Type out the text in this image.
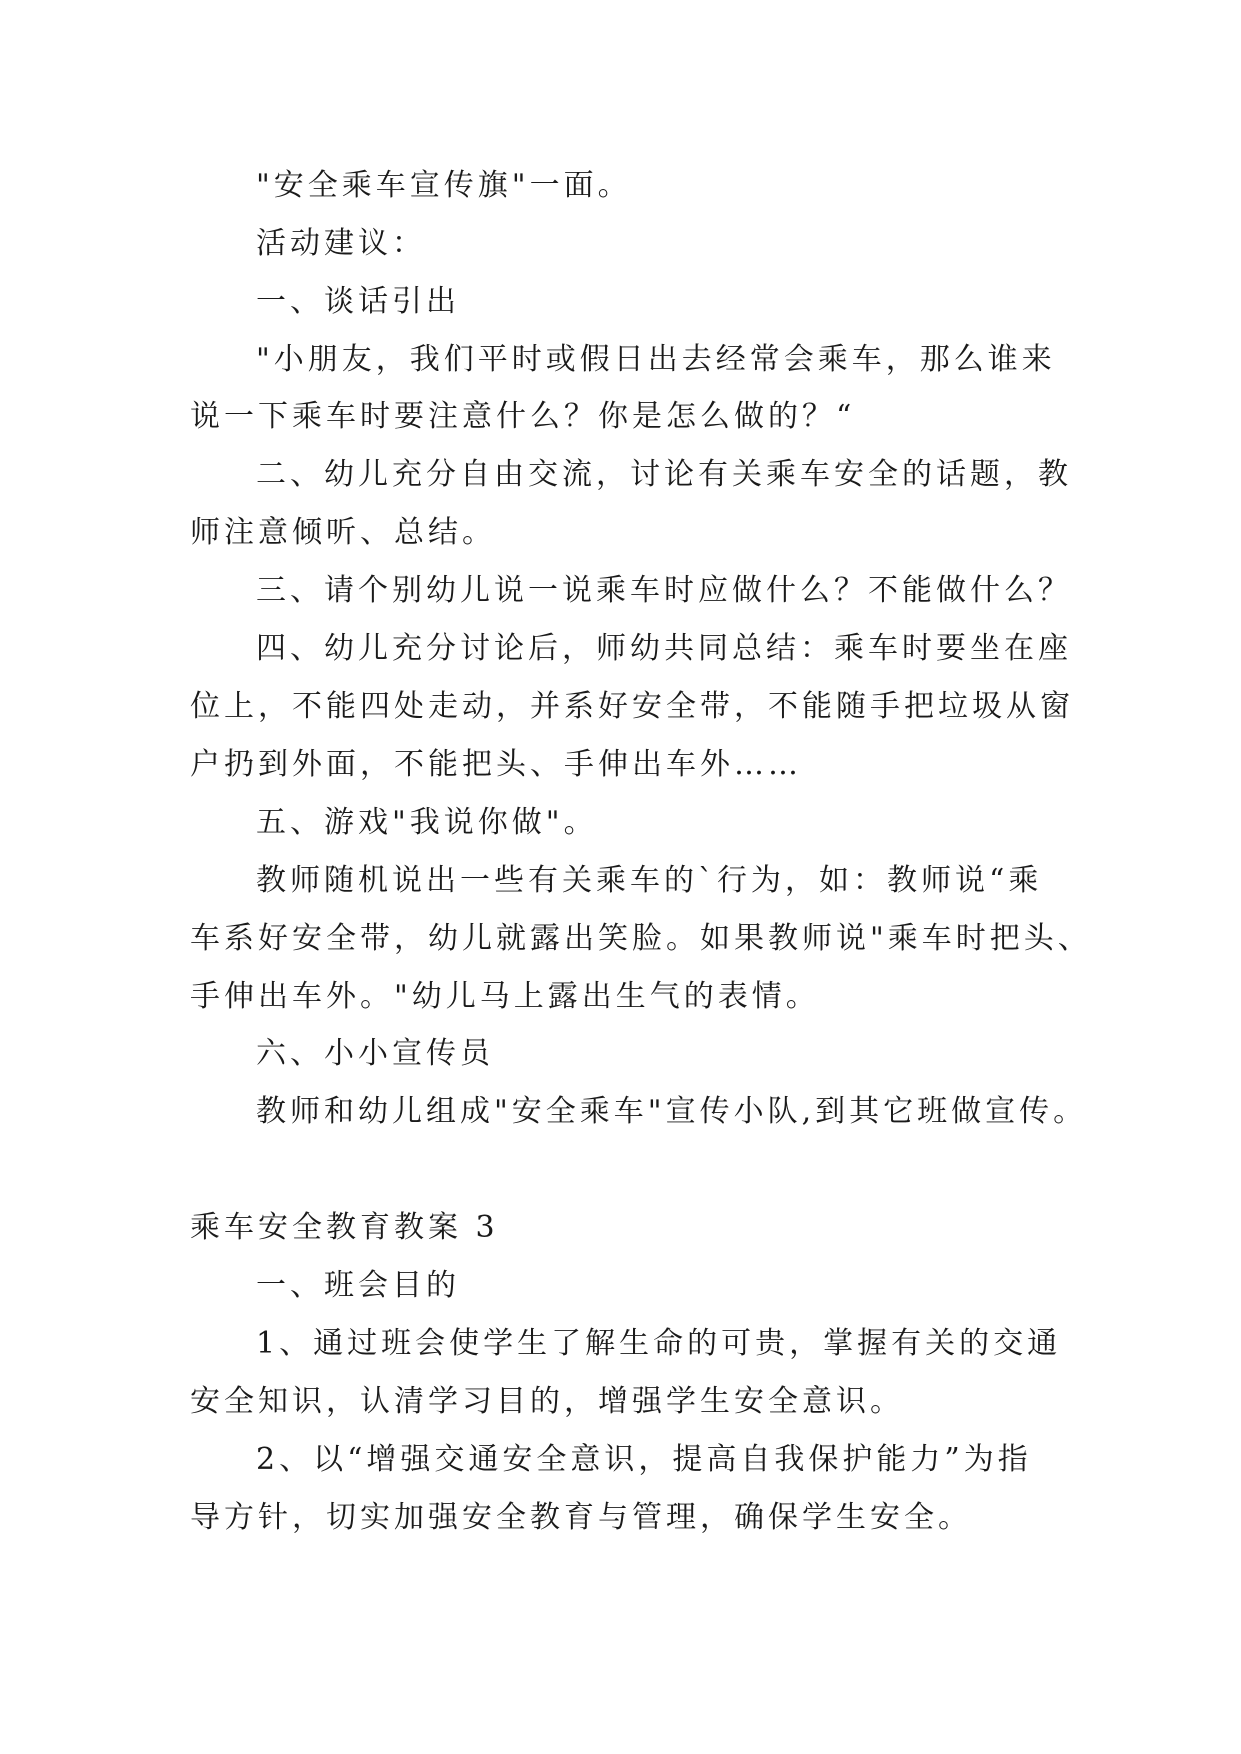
"安全乘车宣传旗"一面。
活动建议：
一、谈话引出
"小朋友，我们平时或假日出去经常会乘车，那么谁来
说一下乘车时要注意什么？你是怎么做的？“
二、幼儿充分自由交流，讨论有关乘车安全的话题，教
师注意倾听、总结。
三、请个别幼儿说一说乘车时应做什么？不能做什么？
四、幼儿充分讨论后，师幼共同总结：乘车时要坐在座
位上，不能四处走动，并系好安全带，不能随手把垃圾从窗
户扔到外面，不能把头、手伸出车外……
五、游戏"我说你做"。
教师随机说出一些有关乘车的`行为，如：教师说“乘
车系好安全带，幼儿就露出笑脸。如果教师说"乘车时把头、
手伸出车外。"幼儿马上露出生气的表情。
六、小小宣传员
教师和幼儿组成"安全乘车"宣传小队,到其它班做宣传。
乘车安全教育教案 3
一、班会目的
1、通过班会使学生了解生命的可贵，掌握有关的交通
安全知识，认清学习目的，增强学生安全意识。
2、以“增强交通安全意识，提高自我保护能力”为指
导方针，切实加强安全教育与管理，确保学生安全。
